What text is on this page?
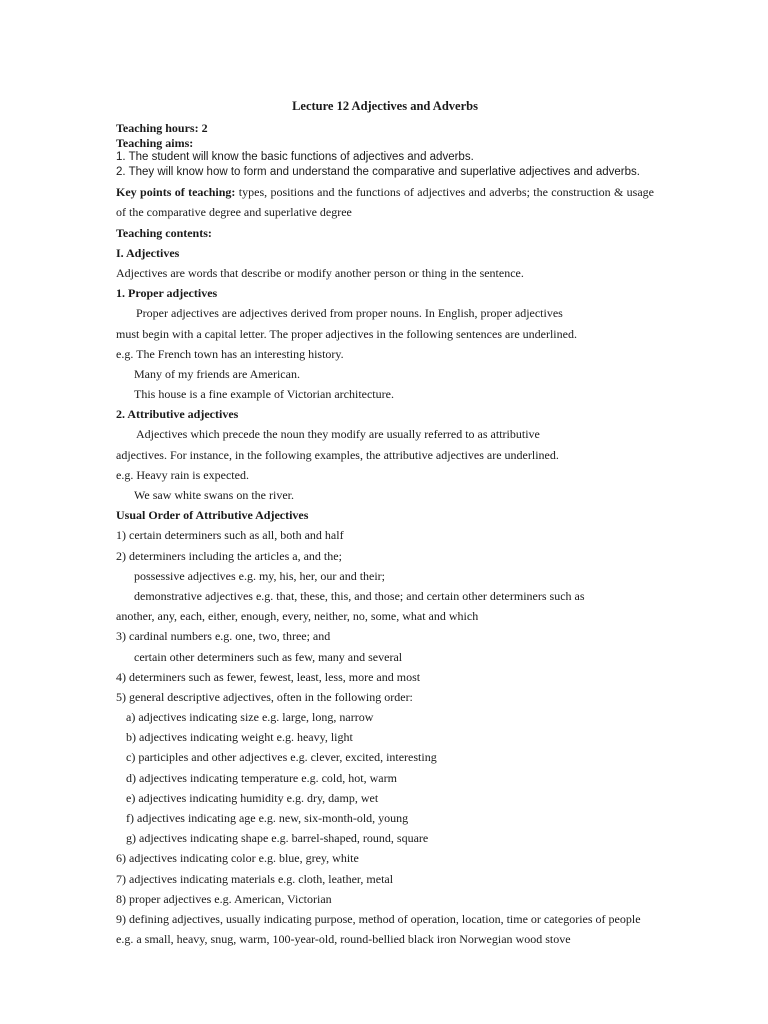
Lecture 12 Adjectives and Adverbs
Teaching hours: 2
Teaching aims:
1. The student will know the basic functions of adjectives and adverbs.
2. They will know how to form and understand the comparative and superlative adjectives and adverbs.
Key points of teaching: types, positions and the functions of adjectives and adverbs; the construction & usage of the comparative degree and superlative degree
Teaching contents:
I. Adjectives
Adjectives are words that describe or modify another person or thing in the sentence.
1. Proper adjectives
Proper adjectives are adjectives derived from proper nouns. In English, proper adjectives
must begin with a capital letter. The proper adjectives in the following sentences are underlined.
e.g. The French town has an interesting history.
Many of my friends are American.
This house is a fine example of Victorian architecture.
2. Attributive adjectives
Adjectives which precede the noun they modify are usually referred to as attributive
adjectives. For instance, in the following examples, the attributive adjectives are underlined.
e.g. Heavy rain is expected.
We saw white swans on the river.
Usual Order of Attributive Adjectives
1) certain determiners such as all, both and half
2) determiners including the articles a, and the;
possessive adjectives e.g. my, his, her, our and their;
demonstrative adjectives e.g. that, these, this, and those; and certain other determiners such as
another, any, each, either, enough, every, neither, no, some, what and which
3) cardinal numbers e.g. one, two, three; and
certain other determiners such as few, many and several
4) determiners such as fewer, fewest, least, less, more and most
5) general descriptive adjectives, often in the following order:
a) adjectives indicating size e.g. large, long, narrow
b) adjectives indicating weight e.g. heavy, light
c) participles and other adjectives e.g. clever, excited, interesting
d) adjectives indicating temperature e.g. cold, hot, warm
e) adjectives indicating humidity e.g. dry, damp, wet
f) adjectives indicating age e.g. new, six-month-old, young
g) adjectives indicating shape e.g. barrel-shaped, round, square
6) adjectives indicating color e.g. blue, grey, white
7) adjectives indicating materials e.g. cloth, leather, metal
8) proper adjectives e.g. American, Victorian
9) defining adjectives, usually indicating purpose, method of operation, location, time or categories of people
e.g. a small, heavy, snug, warm, 100-year-old, round-bellied black iron Norwegian wood stove
